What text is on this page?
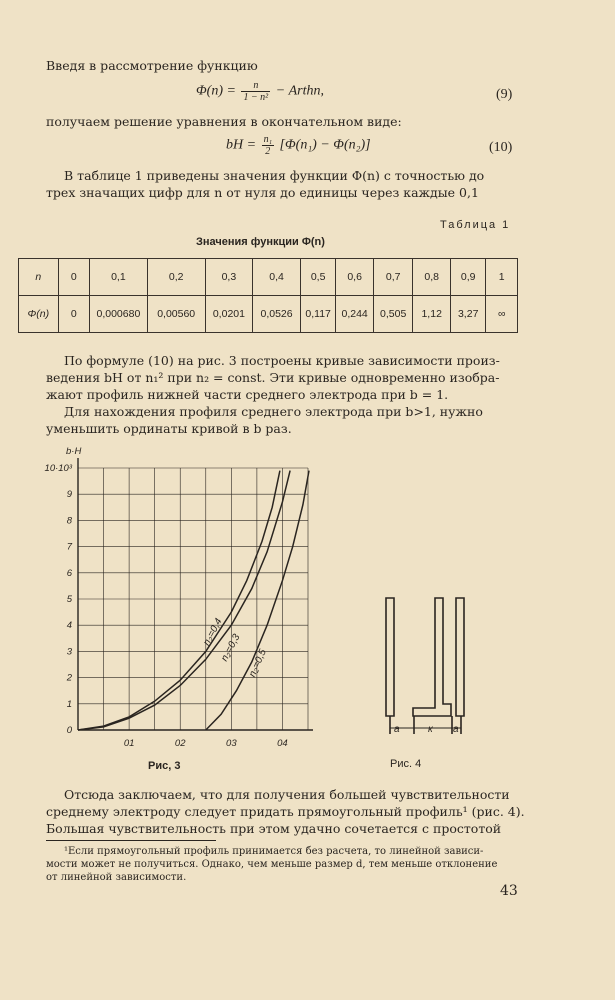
Введя в рассмотрение функцию
$\Phi(n) = \frac{n}{\text{1 − n²}}$ − Arthn,	(9)
получаем решение уравнения в окончательном виде:
bH = $\frac{\text{n₁}}{2} [\Phi(n_1) - \Phi(n_2)]$	(10)
В таблице 1 приведены значения функции Φ(n) с точностью до
трех значащих цифр для n от нуля до единицы через каждые 0,1
Таблица 1
Значения функции Φ(n)
n	0	0,1	0,2	0,3	0,4	0,5	0,6	0,7	0,8	0,9	1
Φ(n)	0	0,000680	0,00560	0,0201	0,0526	0,117	0,244	0,505	1,12	3,27	∞
По формуле (10) на рис. 3 построены кривые зависимости произ-
ведения bH от n₁² при n₂ = const. Эти кривые одновременно изобра-
жают профиль нижней части среднего электрода при b = 1.
Для нахождения профиля среднего электрода при b>1, нужно
уменьшить ординаты кривой в b раз.
b·H
0
1
2
3
4
5
6
7
8
9
10·10³
01	02	03	04
n₂=0,4
n₂=0,3 n₂=0,5
Рис, 3
a	к a
Рис. 4
Отсюда заключаем, что для получения большей чувствительности
среднему электроду следует придать прямоугольный профиль¹ (рис. 4).
Большая чувствительность при этом удачно сочетается с простотой
¹Если прямоугольный профиль принимается без расчета, то линейной зависи-
мости может не получиться. Однако, чем меньше размер d, тем меньше отклонение
от линейной зависимости.
43
